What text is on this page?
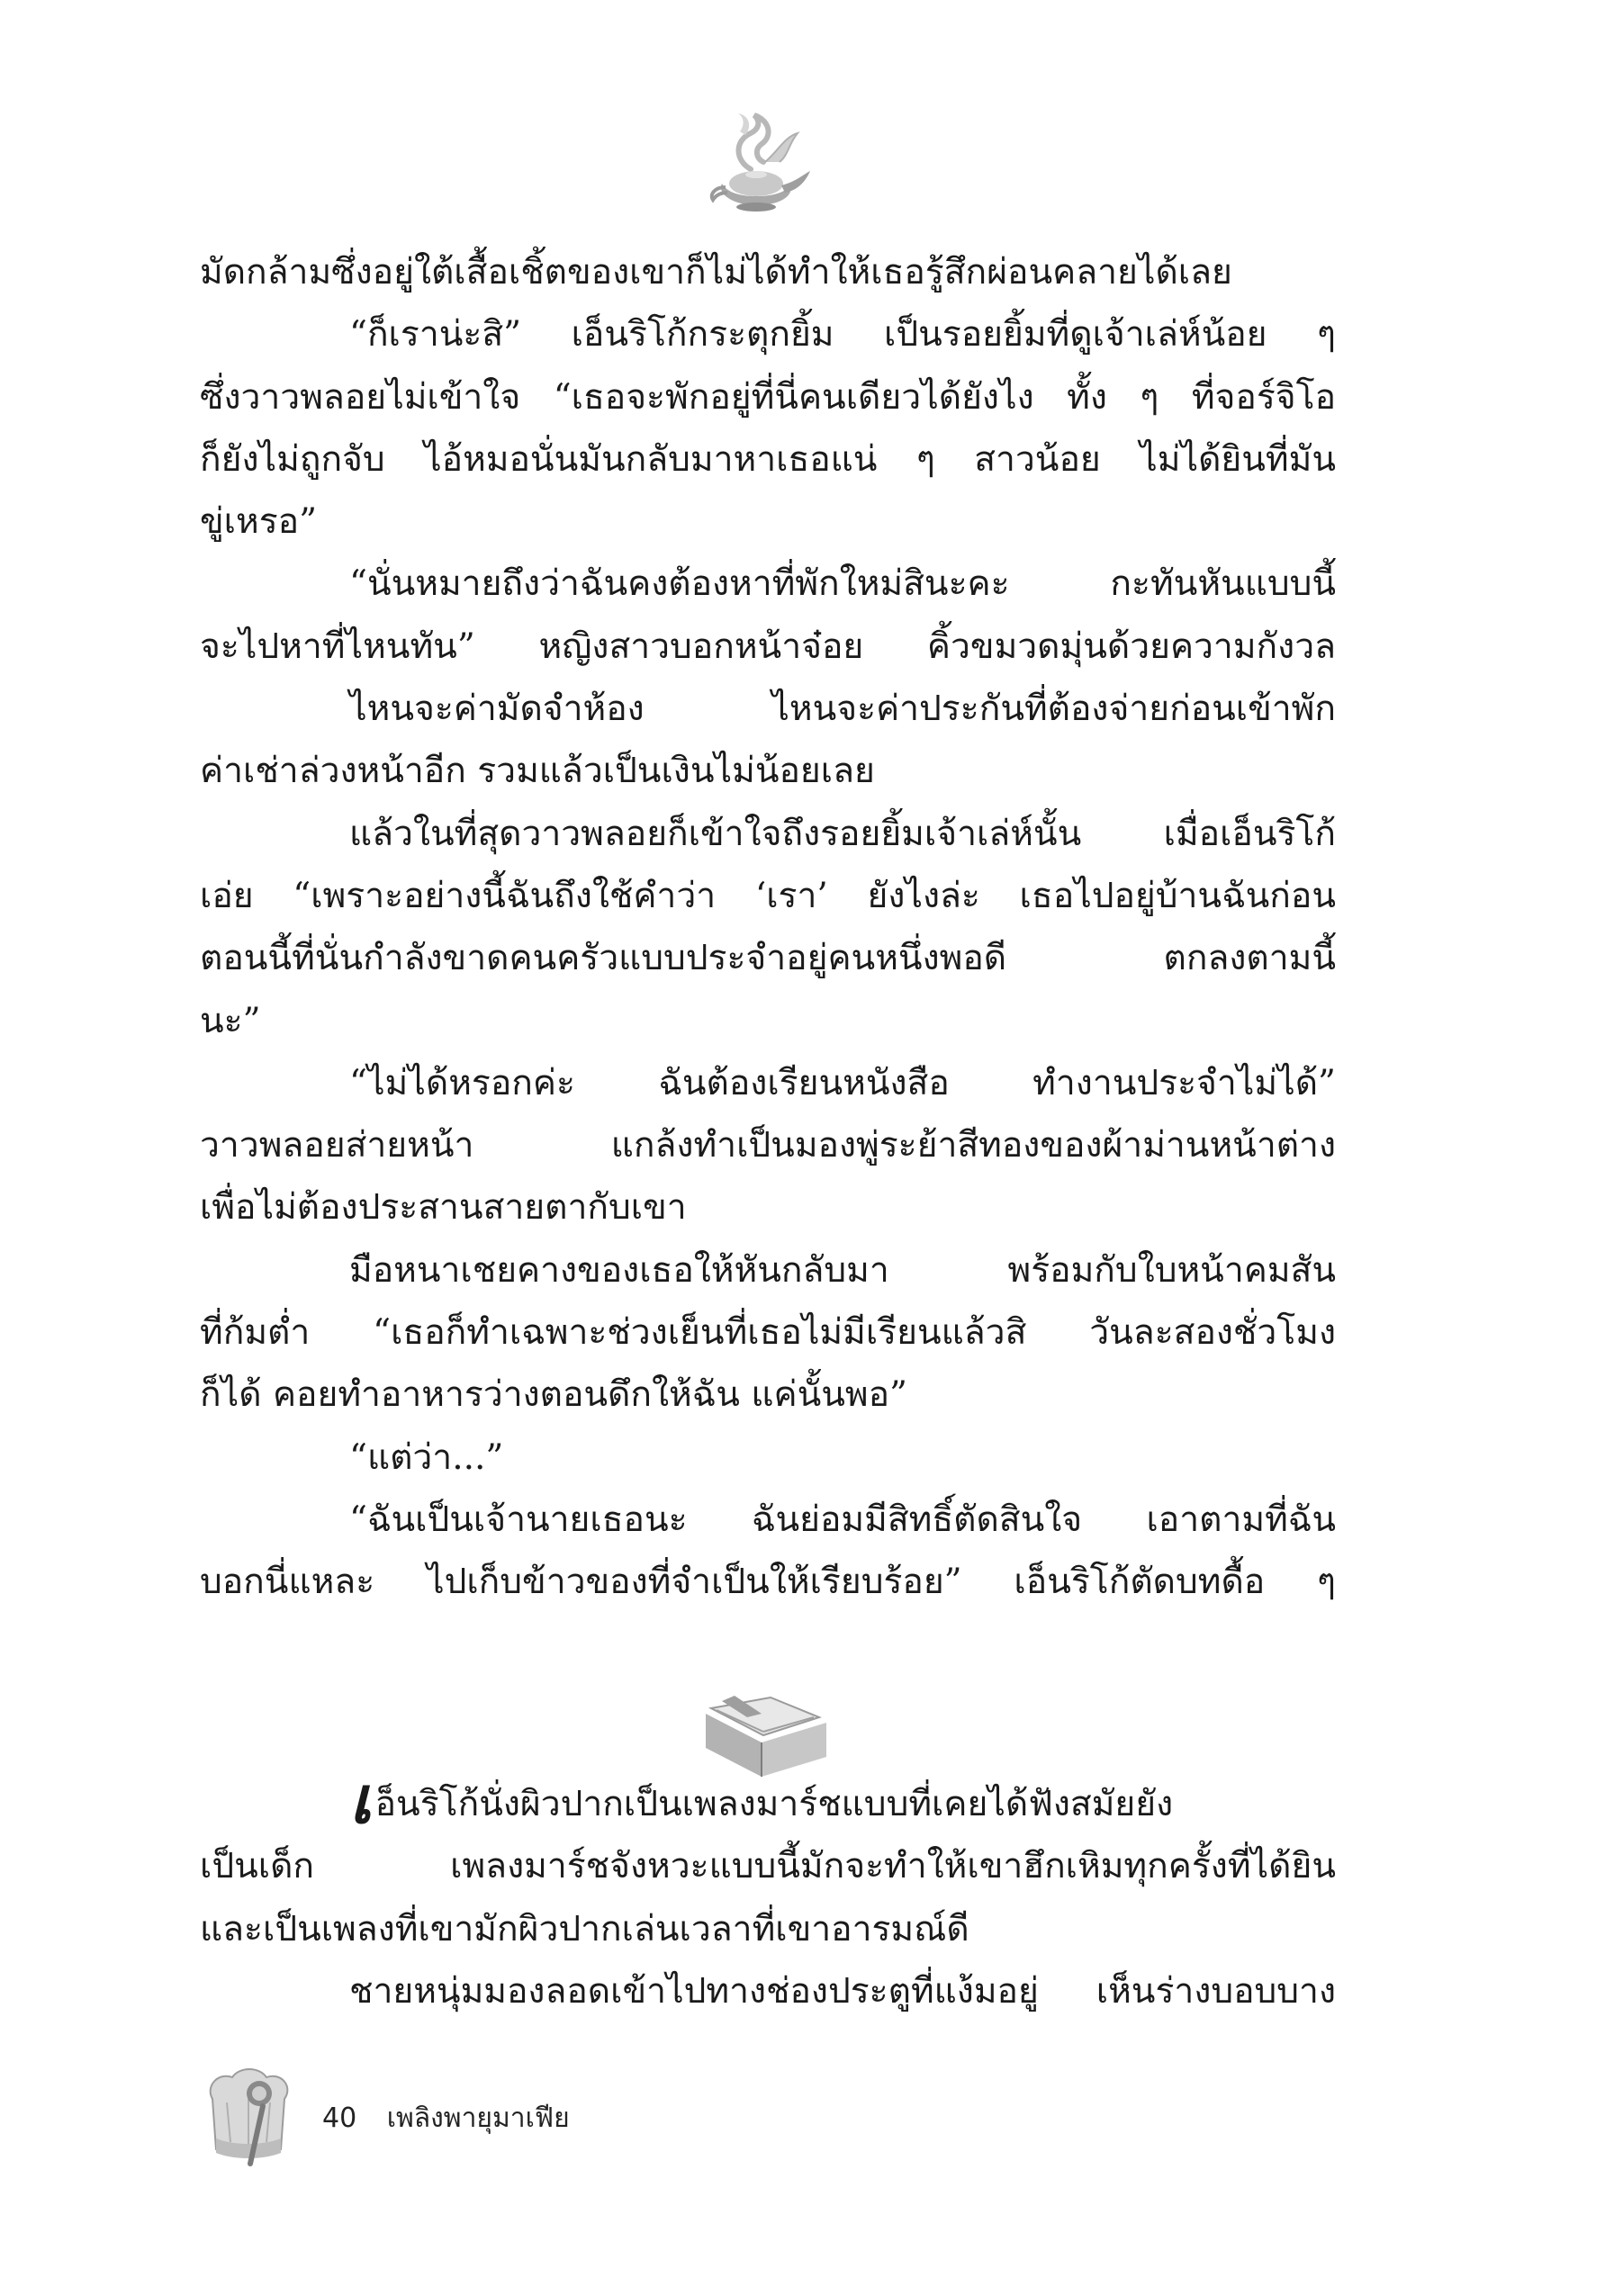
มัดกล้ามซึ่งอยู่ใต้เสื้อเชิ้ตของเขาก็ไม่ได้ทำให้เธอรู้สึกผ่อนคลายได้เลย
“ก็เราน่ะสิ” เอ็นริโก้กระตุกยิ้ม เป็นรอยยิ้มที่ดูเจ้าเล่ห์น้อย ๆ
ซึ่งวาวพลอยไม่เข้าใจ “เธอจะพักอยู่ที่นี่คนเดียวได้ยังไง ทั้ง ๆ ที่จอร์จิโอ
ก็ยังไม่ถูกจับ ไอ้หมอนั่นมันกลับมาหาเธอแน่ ๆ สาวน้อย ไม่ได้ยินที่มัน
ขู่เหรอ”
“นั่นหมายถึงว่าฉันคงต้องหาที่พักใหม่สินะคะ กะทันหันแบบนี้
จะไปหาที่ไหนทัน” หญิงสาวบอกหน้าจ๋อย คิ้วขมวดมุ่นด้วยความกังวล
ไหนจะค่ามัดจำห้อง ไหนจะค่าประกันที่ต้องจ่ายก่อนเข้าพัก
ค่าเช่าล่วงหน้าอีก รวมแล้วเป็นเงินไม่น้อยเลย
แล้วในที่สุดวาวพลอยก็เข้าใจถึงรอยยิ้มเจ้าเล่ห์นั้น เมื่อเอ็นริโก้
เอ่ย “เพราะอย่างนี้ฉันถึงใช้คำว่า ‘เรา’ ยังไงล่ะ เธอไปอยู่บ้านฉันก่อน
ตอนนี้ที่นั่นกำลังขาดคนครัวแบบประจำอยู่คนหนึ่งพอดี ตกลงตามนี้
นะ”
“ไม่ได้หรอกค่ะ ฉันต้องเรียนหนังสือ ทำงานประจำไม่ได้”
วาวพลอยส่ายหน้า แกล้งทำเป็นมองพู่ระย้าสีทองของผ้าม่านหน้าต่าง
เพื่อไม่ต้องประสานสายตากับเขา
มือหนาเชยคางของเธอให้หันกลับมา พร้อมกับใบหน้าคมสัน
ที่ก้มต่ำ “เธอก็ทำเฉพาะช่วงเย็นที่เธอไม่มีเรียนแล้วสิ วันละสองชั่วโมง
ก็ได้ คอยทำอาหารว่างตอนดึกให้ฉัน แค่นั้นพอ”
“แต่ว่า...”
“ฉันเป็นเจ้านายเธอนะ ฉันย่อมมีสิทธิ์ตัดสินใจ เอาตามที่ฉัน
บอกนี่แหละ ไปเก็บข้าวของที่จำเป็นให้เรียบร้อย” เอ็นริโก้ตัดบทดื้อ ๆ
เอ็นริโก้นั่งผิวปากเป็นเพลงมาร์ชแบบที่เคยได้ฟังสมัยยัง
เป็นเด็ก เพลงมาร์ชจังหวะแบบนี้มักจะทำให้เขาฮึกเหิมทุกครั้งที่ได้ยิน
และเป็นเพลงที่เขามักผิวปากเล่นเวลาที่เขาอารมณ์ดี
ชายหนุ่มมองลอดเข้าไปทางช่องประตูที่แง้มอยู่ เห็นร่างบอบบาง
40 เพลิงพายุมาเฟีย
